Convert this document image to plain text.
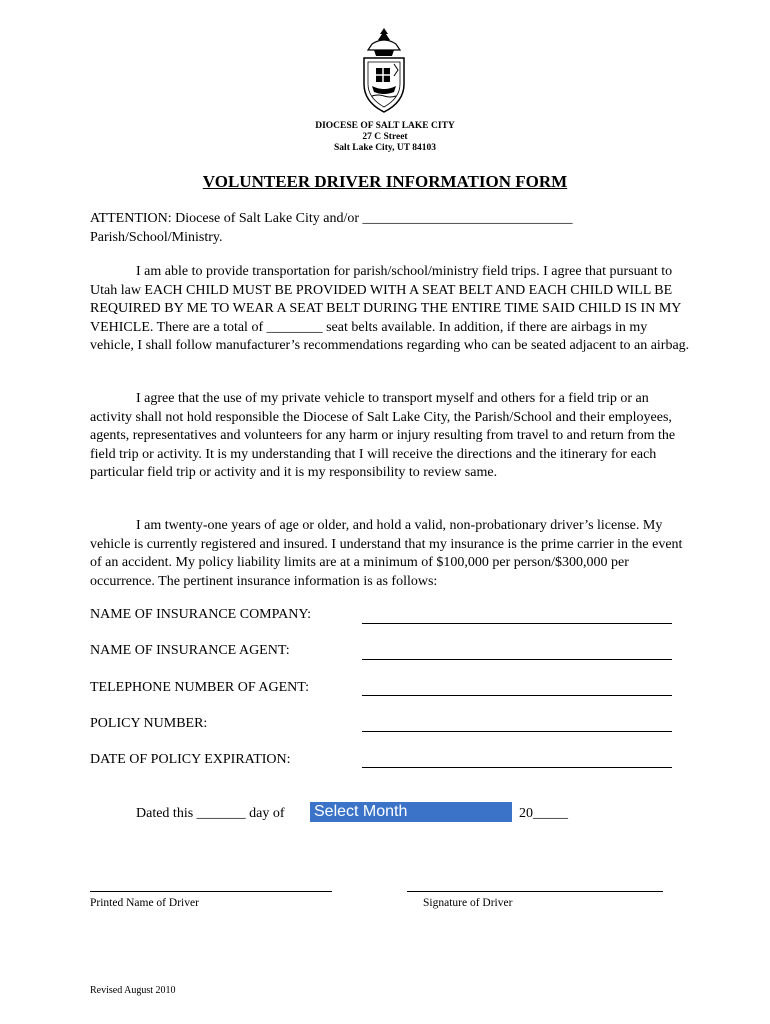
DIOCESE OF SALT LAKE CITY
27 C Street
Salt Lake City, UT 84103
VOLUNTEER DRIVER INFORMATION FORM

ATTENTION: Diocese of Salt Lake City and/or ______________________________

Parish/School/Ministry.

I am able to provide transportation for parish/school/ministry field trips. I agree that pursuant to Utah law EACH CHILD MUST BE PROVIDED WITH A SEAT BELT AND EACH CHILD WILL BE REQUIRED BY ME TO WEAR A SEAT BELT DURING THE ENTIRE TIME SAID CHILD IS IN MY VEHICLE. There are a total of ________ seat belts available. In addition, if there are airbags in my vehicle, I shall follow manufacturer’s recommendations regarding who can be seated adjacent to an airbag.

I agree that the use of my private vehicle to transport myself and others for a field trip or an activity shall not hold responsible the Diocese of Salt Lake City, the Parish/School and their employees, agents, representatives and volunteers for any harm or injury resulting from travel to and return from the field trip or activity. It is my understanding that I will receive the directions and the itinerary for each particular field trip or activity and it is my responsibility to review same.

I am twenty-one years of age or older, and hold a valid, non-probationary driver’s license. My vehicle is currently registered and insured. I understand that my insurance is the prime carrier in the event of an accident. My policy liability limits are at a minimum of $100,000 per person/$300,000 per occurrence. The pertinent insurance information is as follows:

NAME OF INSURANCE COMPANY:
NAME OF INSURANCE AGENT:
TELEPHONE NUMBER OF AGENT:
POLICY NUMBER:
DATE OF POLICY EXPIRATION:
Dated this _______ day of Select Month	20_____
Printed Name of Driver	Signature of Driver
Revised August 2010
